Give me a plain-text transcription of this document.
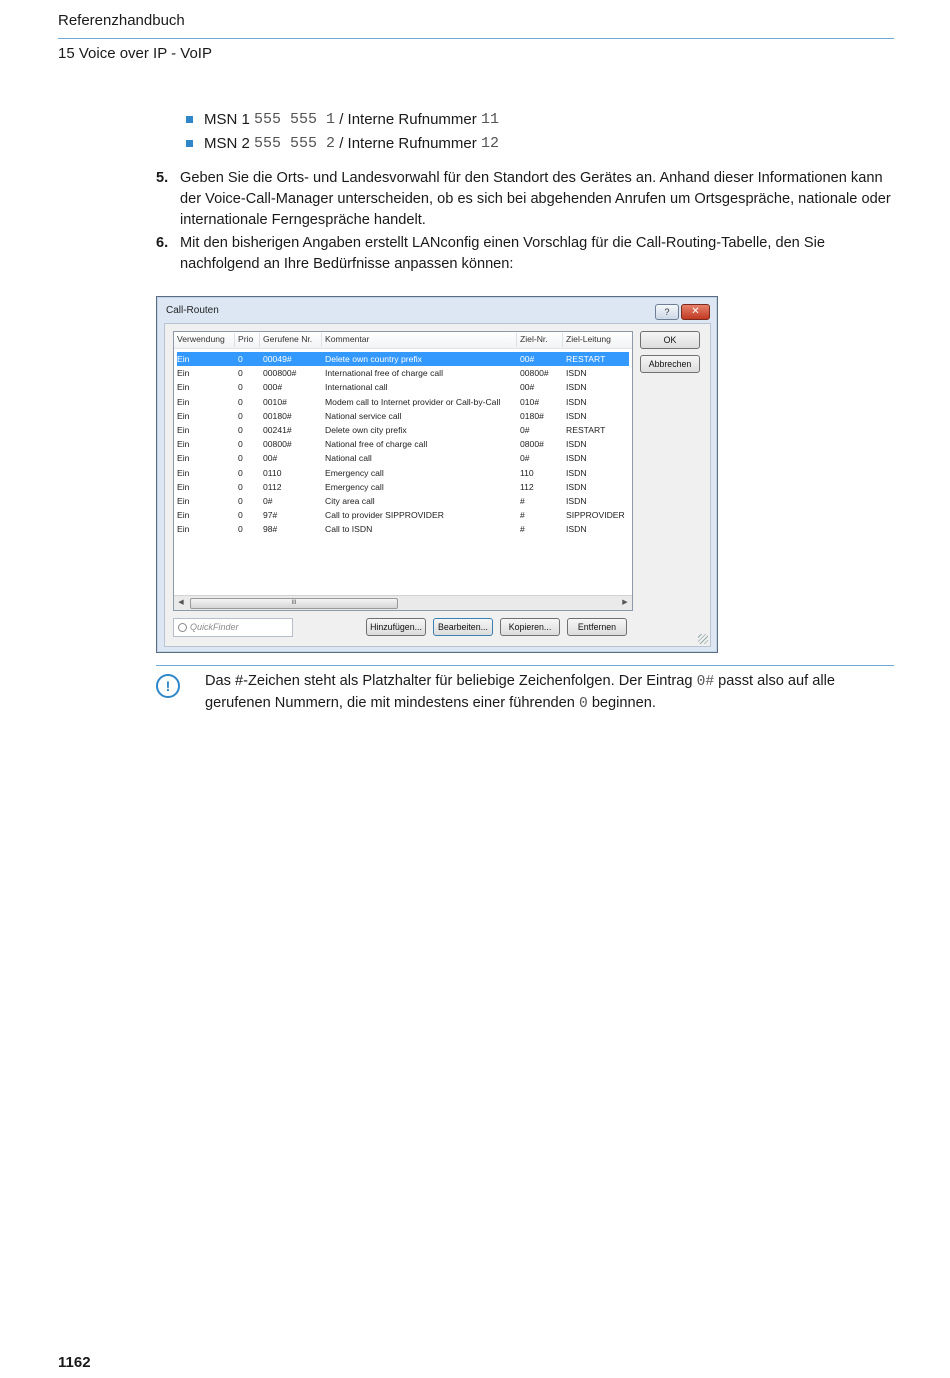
Referenzhandbuch
15 Voice over IP - VoIP
MSN 1
555 555 1
/ Interne Rufnummer
11
MSN 2
555 555 2
/ Interne Rufnummer
12
5. Geben Sie die Orts- und Landesvorwahl für den Standort des Gerätes an. Anhand dieser Informationen kann der Voice-Call-Manager unterscheiden, ob es sich bei abgehenden Anrufen um Ortsgespräche, nationale oder internationale Ferngespräche handelt.
6. Mit den bisherigen Angaben erstellt LANconfig einen Vorschlag für die Call-Routing-Tabelle, den Sie nachfolgend an Ihre Bedürfnisse anpassen können:
Call-Routen	?	✕
Verwendung Prio Gerufene Nr. Kommentar	Ziel-Nr. Ziel-Leitung
Ein	0 00049#	Delete own country prefix	00#	RESTART
Ein	0 000800#	International free of charge call	00800# ISDN
Ein	0 000#	International call	00#	ISDN
Ein	0 0010#	Modem call to Internet provider or Call-by-Call 010#	ISDN
Ein	0 00180#	National service call	0180#	ISDN
Ein	0 00241#	Delete own city prefix	0#	RESTART
Ein	0 00800#	National free of charge call	0800#	ISDN
Ein	0 00#	National call	0#	ISDN
Ein	0 0110	Emergency call	110	ISDN
Ein	0 0112	Emergency call	112	ISDN
Ein	0 0#	City area call	#	ISDN
Ein	0 97#	Call to provider SIPPROVIDER	#	SIPPROVIDER
Ein	0 98#	Call to ISDN	#	ISDN
◀	III	▶
OK
Abbrechen
QuickFinder	Hinzufügen...	Bearbeiten...	Kopieren...	Entfernen
!	Das #-Zeichen steht als Platzhalter für beliebige Zeichenfolgen. Der Eintrag 0# passt also auf alle gerufenen Nummern, die mit mindestens einer führenden 0 beginnen.
1162
